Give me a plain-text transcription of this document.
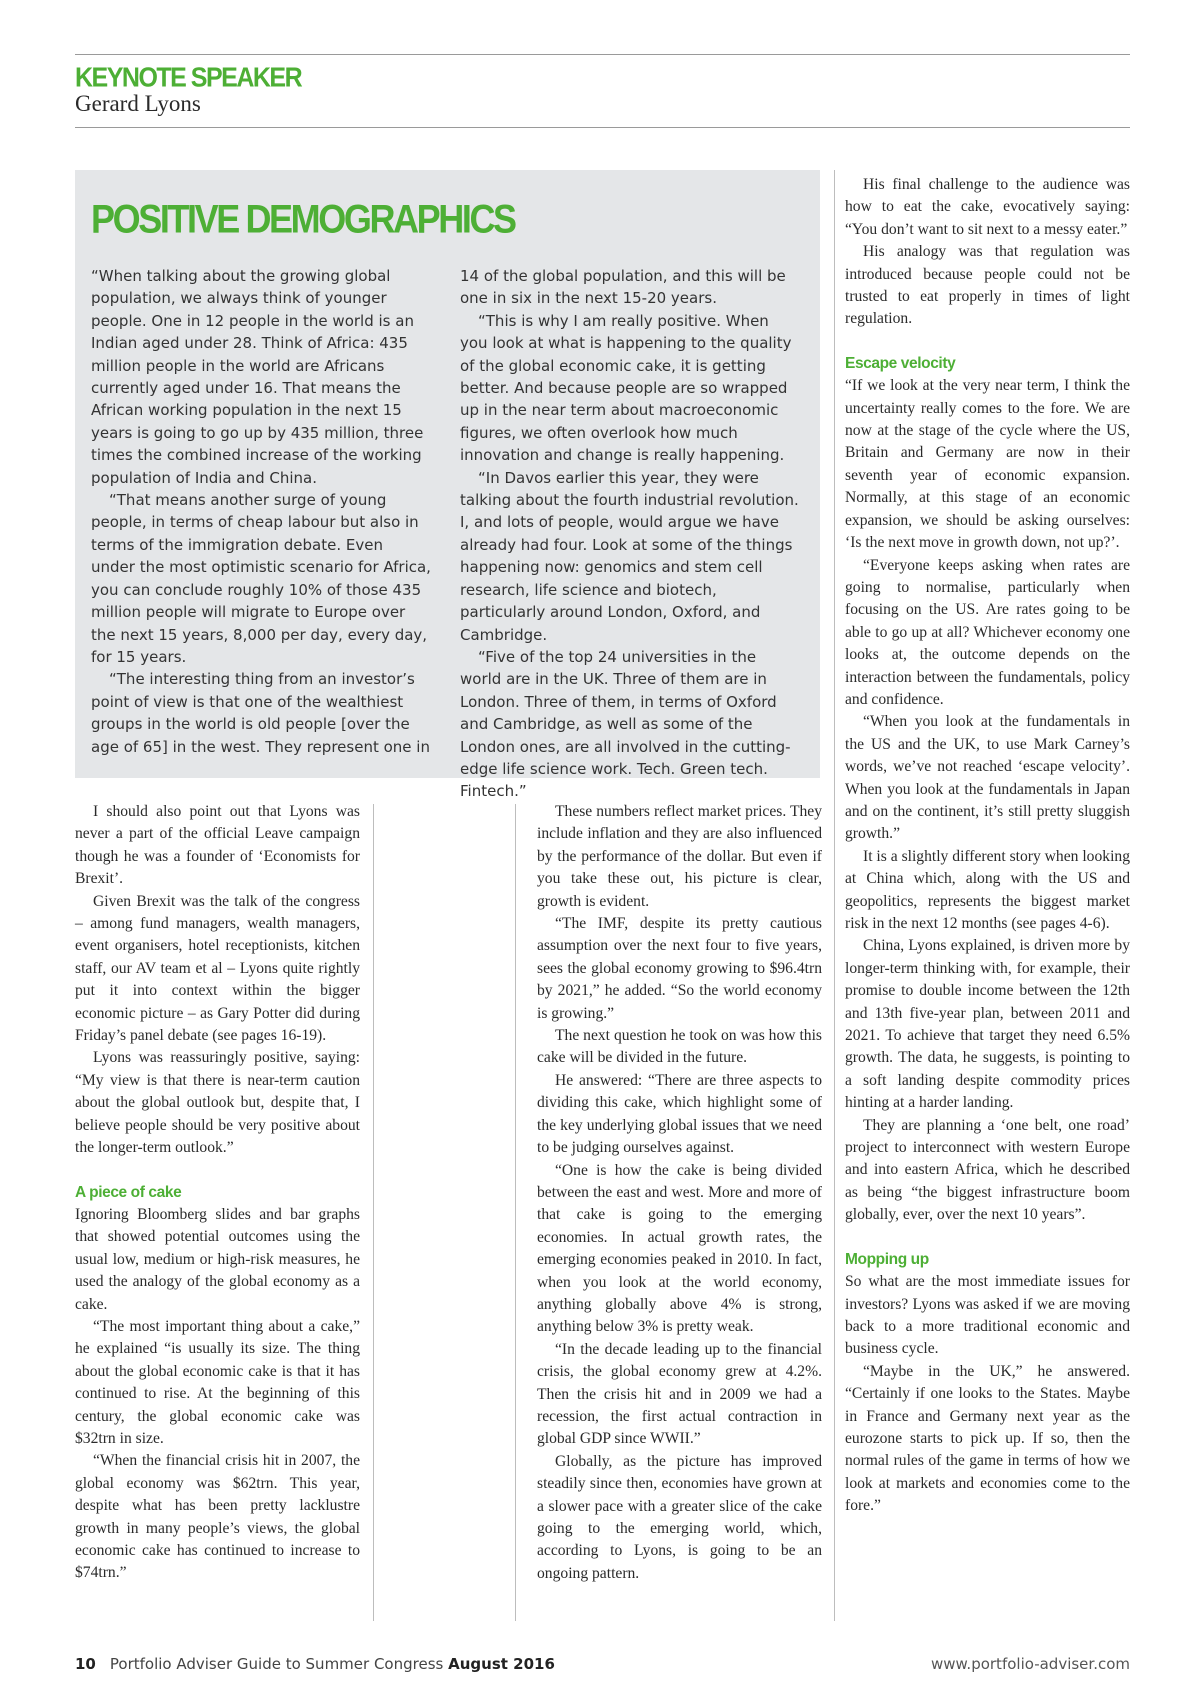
KEYNOTE SPEAKER
Gerard Lyons
POSITIVE DEMOGRAPHICS

“When talking about the growing global population, we always think of younger people. One in 12 people in the world is an Indian aged under 28. Think of Africa: 435 million people in the world are Africans currently aged under 16. That means the African working population in the next 15 years is going to go up by 435 million, three times the combined increase of the working population of India and China.

“That means another surge of young people, in terms of cheap labour but also in terms of the immigration debate. Even under the most optimistic scenario for Africa, you can conclude roughly 10% of those 435 million people will migrate to Europe over the next 15 years, 8,000 per day, every day, for 15 years.

“The interesting thing from an investor’s point of view is that one of the wealthiest groups in the world is old people [over the age of 65] in the west. They represent one in

14 of the global population, and this will be one in six in the next 15-20 years.

“This is why I am really positive. When you look at what is happening to the quality of the global economic cake, it is getting better. And because people are so wrapped up in the near term about macroeconomic figures, we often overlook how much innovation and change is really happening.

“In Davos earlier this year, they were talking about the fourth industrial revolution. I, and lots of people, would argue we have already had four. Look at some of the things happening now: genomics and stem cell research, life science and biotech, particularly around London, Oxford, and Cambridge.

“Five of the top 24 universities in the world are in the UK. Three of them are in London. Three of them, in terms of Oxford and Cambridge, as well as some of the London ones, are all involved in the cutting-edge life science work. Tech. Green tech. Fintech.”

I should also point out that Lyons was never a part of the official Leave campaign though he was a founder of ‘Economists for Brexit’.

Given Brexit was the talk of the congress – among fund managers, wealth managers, event organisers, hotel receptionists, kitchen staff, our AV team et al – Lyons quite rightly put it into context within the bigger economic picture – as Gary Potter did during Friday’s panel debate (see pages 16-19).

Lyons was reassuringly positive, saying: “My view is that there is near-term caution about the global outlook but, despite that, I believe people should be very positive about the longer-term outlook.”

A piece of cake

Ignoring Bloomberg slides and bar graphs that showed potential outcomes using the usual low, medium or high-risk measures, he used the analogy of the global economy as a cake.

“The most important thing about a cake,” he explained “is usually its size. The thing about the global economic cake is that it has continued to rise. At the beginning of this century, the global economic cake was $32trn in size.

“When the financial crisis hit in 2007, the global economy was $62trn. This year, despite what has been pretty lacklustre growth in many people’s views, the global economic cake has continued to increase to $74trn.”

These numbers reflect market prices. They include inflation and they are also influenced by the performance of the dollar. But even if you take these out, his picture is clear, growth is evident.

“The IMF, despite its pretty cautious assumption over the next four to five years, sees the global economy growing to $96.4trn by 2021,” he added. “So the world economy is growing.”

The next question he took on was how this cake will be divided in the future.

He answered: “There are three aspects to dividing this cake, which highlight some of the key underlying global issues that we need to be judging ourselves against.

“One is how the cake is being divided between the east and west. More and more of that cake is going to the emerging economies. In actual growth rates, the emerging economies peaked in 2010. In fact, when you look at the world economy, anything globally above 4% is strong, anything below 3% is pretty weak.

“In the decade leading up to the financial crisis, the global economy grew at 4.2%. Then the crisis hit and in 2009 we had a recession, the first actual contraction in global GDP since WWII.”

Globally, as the picture has improved steadily since then, economies have grown at a slower pace with a greater slice of the cake going to the emerging world, which, according to Lyons, is going to be an ongoing pattern.

His final challenge to the audience was how to eat the cake, evocatively saying: “You don’t want to sit next to a messy eater.”

His analogy was that regulation was introduced because people could not be trusted to eat properly in times of light regulation.

Escape velocity

“If we look at the very near term, I think the uncertainty really comes to the fore. We are now at the stage of the cycle where the US, Britain and Germany are now in their seventh year of economic expansion. Normally, at this stage of an economic expansion, we should be asking ourselves: ‘Is the next move in growth down, not up?’.

“Everyone keeps asking when rates are going to normalise, particularly when focusing on the US. Are rates going to be able to go up at all? Whichever economy one looks at, the outcome depends on the interaction between the fundamentals, policy and confidence.

“When you look at the fundamentals in the US and the UK, to use Mark Carney’s words, we’ve not reached ‘escape velocity’. When you look at the fundamentals in Japan and on the continent, it’s still pretty sluggish growth.”

It is a slightly different story when looking at China which, along with the US and geopolitics, represents the biggest market risk in the next 12 months (see pages 4-6).

China, Lyons explained, is driven more by longer-term thinking with, for example, their promise to double income between the 12th and 13th five-year plan, between 2011 and 2021. To achieve that target they need 6.5% growth. The data, he suggests, is pointing to a soft landing despite commodity prices hinting at a harder landing.

They are planning a ‘one belt, one road’ project to interconnect with western Europe and into eastern Africa, which he described as being “the biggest infrastructure boom globally, ever, over the next 10 years”.

Mopping up

So what are the most immediate issues for investors? Lyons was asked if we are moving back to a more traditional economic and business cycle.

“Maybe in the UK,” he answered. “Certainly if one looks to the States. Maybe in France and Germany next year as the eurozone starts to pick up. If so, then the normal rules of the game in terms of how we look at markets and economies come to the fore.”

10 Portfolio Adviser Guide to Summer Congress August 2016	www.portfolio-adviser.com
